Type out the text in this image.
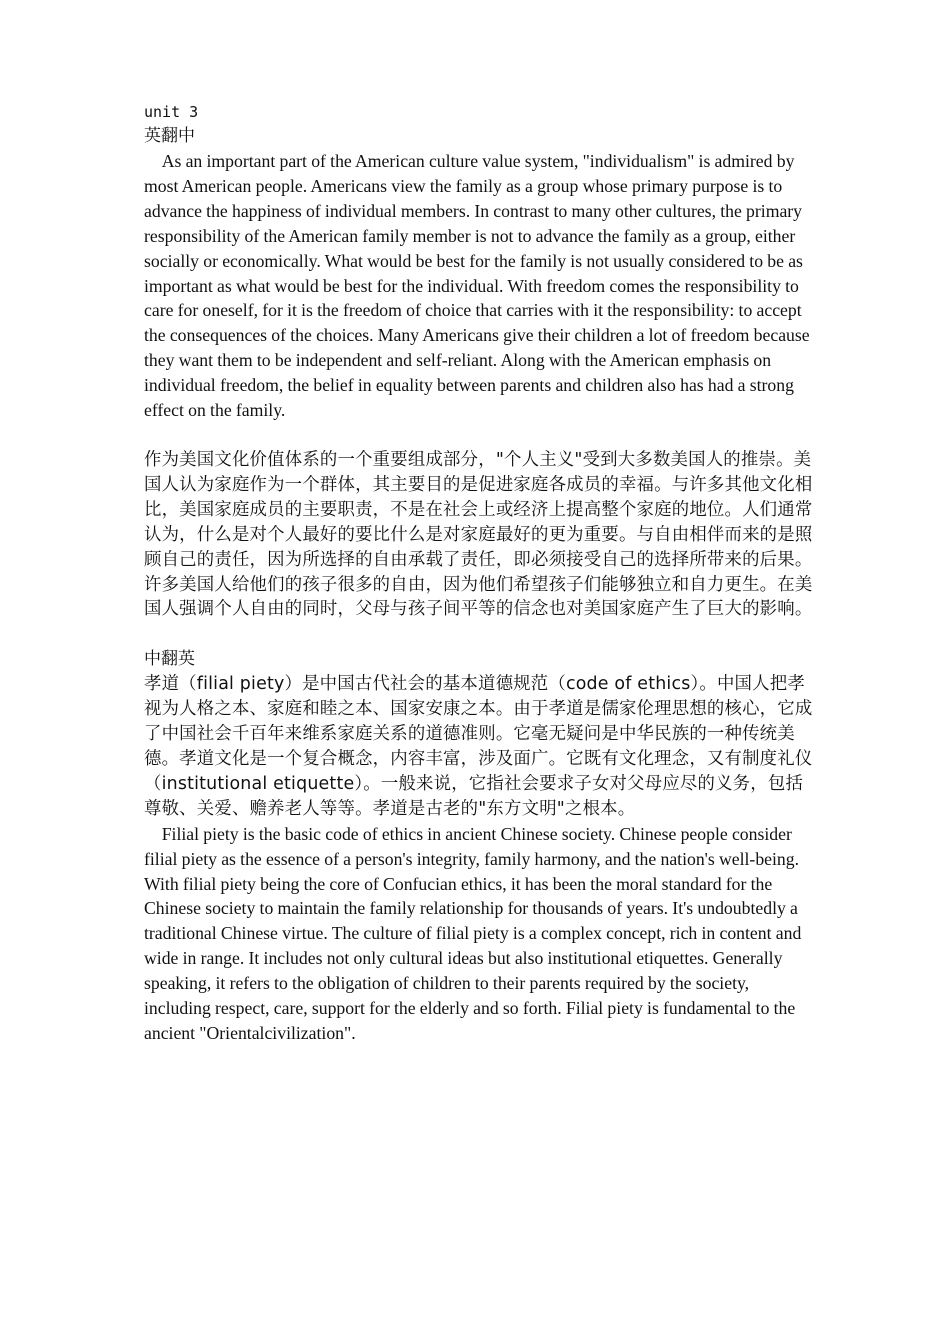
unit 3
英翻中

As an important part of the American culture value system, "individualism" is admired by most American people. Americans view the family as a group whose primary purpose is to advance the happiness of individual members. In contrast to many other cultures, the primary responsibility of the American family member is not to advance the family as a group, either socially or economically. What would be best for the family is not usually considered to be as important as what would be best for the individual. With freedom comes the responsibility to care for oneself, for it is the freedom of choice that carries with it the responsibility: to accept the consequences of the choices. Many Americans give their children a lot of freedom because they want them to be independent and self-reliant. Along with the American emphasis on individual freedom, the belief in equality between parents and children also has had a strong effect on the family.

作为美国文化价值体系的一个重要组成部分，"个人主义"受到大多数美国人的推崇。美国人认为家庭作为一个群体，其主要目的是促进家庭各成员的幸福。与许多其他文化相比，美国家庭成员的主要职责，不是在社会上或经济上提高整个家庭的地位。人们通常认为，什么是对个人最好的要比什么是对家庭最好的更为重要。与自由相伴而来的是照顾自己的责任，因为所选择的自由承载了责任，即必须接受自己的选择所带来的后果。许多美国人给他们的孩子很多的自由，因为他们希望孩子们能够独立和自力更生。在美国人强调个人自由的同时，父母与孩子间平等的信念也对美国家庭产生了巨大的影响。

中翻英

孝道（filial piety）是中国古代社会的基本道德规范（code of ethics）。中国人把孝视为人格之本、家庭和睦之本、国家安康之本。由于孝道是儒家伦理思想的核心，它成了中国社会千百年来维系家庭关系的道德准则。它毫无疑问是中华民族的一种传统美德。孝道文化是一个复合概念，内容丰富，涉及面广。它既有文化理念，又有制度礼仪（institutional etiquette）。一般来说，它指社会要求子女对父母应尽的义务，包括尊敬、关爱、赡养老人等等。孝道是古老的"东方文明"之根本。

Filial piety is the basic code of ethics in ancient Chinese society. Chinese people consider filial piety as the essence of a person's integrity, family harmony, and the nation's well-being. With filial piety being the core of Confucian ethics, it has been the moral standard for the Chinese society to maintain the family relationship for thousands of years. It's undoubtedly a traditional Chinese virtue. The culture of filial piety is a complex concept, rich in content and wide in range. It includes not only cultural ideas but also institutional etiquettes. Generally speaking, it refers to the obligation of children to their parents required by the society, including respect, care, support for the elderly and so forth. Filial piety is fundamental to the ancient "Orientalcivilization".
